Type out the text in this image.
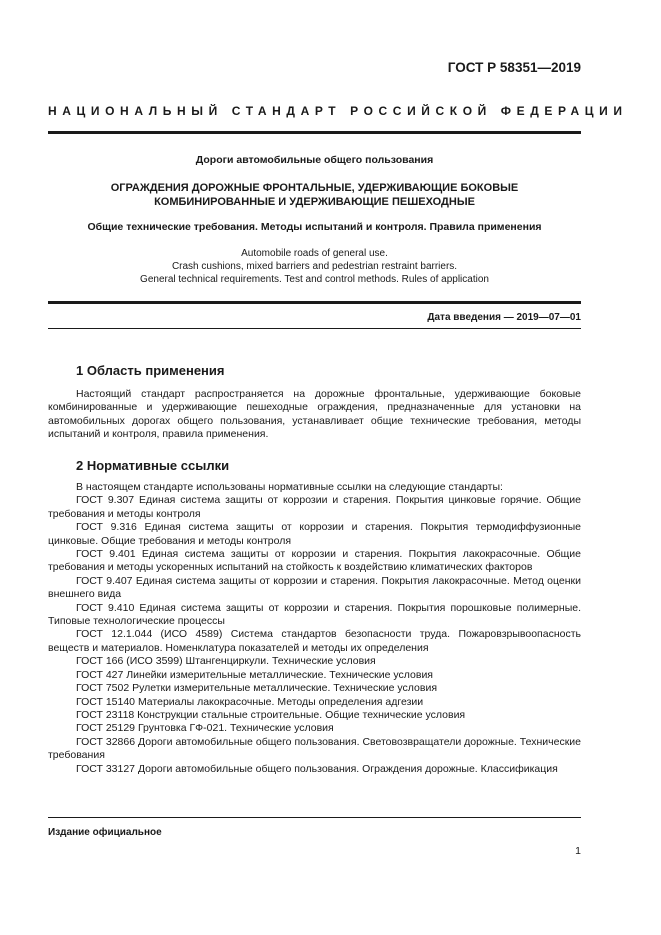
ГОСТ Р 58351—2019
НАЦИОНАЛЬНЫЙ СТАНДАРТ РОССИЙСКОЙ ФЕДЕРАЦИИ
Дороги автомобильные общего пользования
ОГРАЖДЕНИЯ ДОРОЖНЫЕ ФРОНТАЛЬНЫЕ, УДЕРЖИВАЮЩИЕ БОКОВЫЕ
КОМБИНИРОВАННЫЕ И УДЕРЖИВАЮЩИЕ ПЕШЕХОДНЫЕ
Общие технические требования. Методы испытаний и контроля. Правила применения
Automobile roads of general use.
Crash cushions, mixed barriers and pedestrian restraint barriers.
General technical requirements. Test and control methods. Rules of application
Дата введения — 2019—07—01
1 Область применения

Настоящий стандарт распространяется на дорожные фронтальные, удерживающие боковые комбинированные и удерживающие пешеходные ограждения, предназначенные для установки на автомобильных дорогах общего пользования, устанавливает общие технические требования, методы испытаний и контроля, правила применения.

2 Нормативные ссылки

В настоящем стандарте использованы нормативные ссылки на следующие стандарты:

ГОСТ 9.307 Единая система защиты от коррозии и старения. Покрытия цинковые горячие. Общие требования и методы контроля

ГОСТ 9.316 Единая система защиты от коррозии и старения. Покрытия термодиффузионные цинковые. Общие требования и методы контроля

ГОСТ 9.401 Единая система защиты от коррозии и старения. Покрытия лакокрасочные. Общие требования и методы ускоренных испытаний на стойкость к воздействию климатических факторов

ГОСТ 9.407 Единая система защиты от коррозии и старения. Покрытия лакокрасочные. Метод оценки внешнего вида

ГОСТ 9.410 Единая система защиты от коррозии и старения. Покрытия порошковые полимерные. Типовые технологические процессы

ГОСТ 12.1.044 (ИСО 4589) Система стандартов безопасности труда. Пожаровзрывоопасность веществ и материалов. Номенклатура показателей и методы их определения

ГОСТ 166 (ИСО 3599) Штангенциркули. Технические условия

ГОСТ 427 Линейки измерительные металлические. Технические условия

ГОСТ 7502 Рулетки измерительные металлические. Технические условия

ГОСТ 15140 Материалы лакокрасочные. Методы определения адгезии

ГОСТ 23118 Конструкции стальные строительные. Общие технические условия

ГОСТ 25129 Грунтовка ГФ-021. Технические условия

ГОСТ 32866 Дороги автомобильные общего пользования. Световозвращатели дорожные. Технические требования

ГОСТ 33127 Дороги автомобильные общего пользования. Ограждения дорожные. Классификация

Издание официальное
1
